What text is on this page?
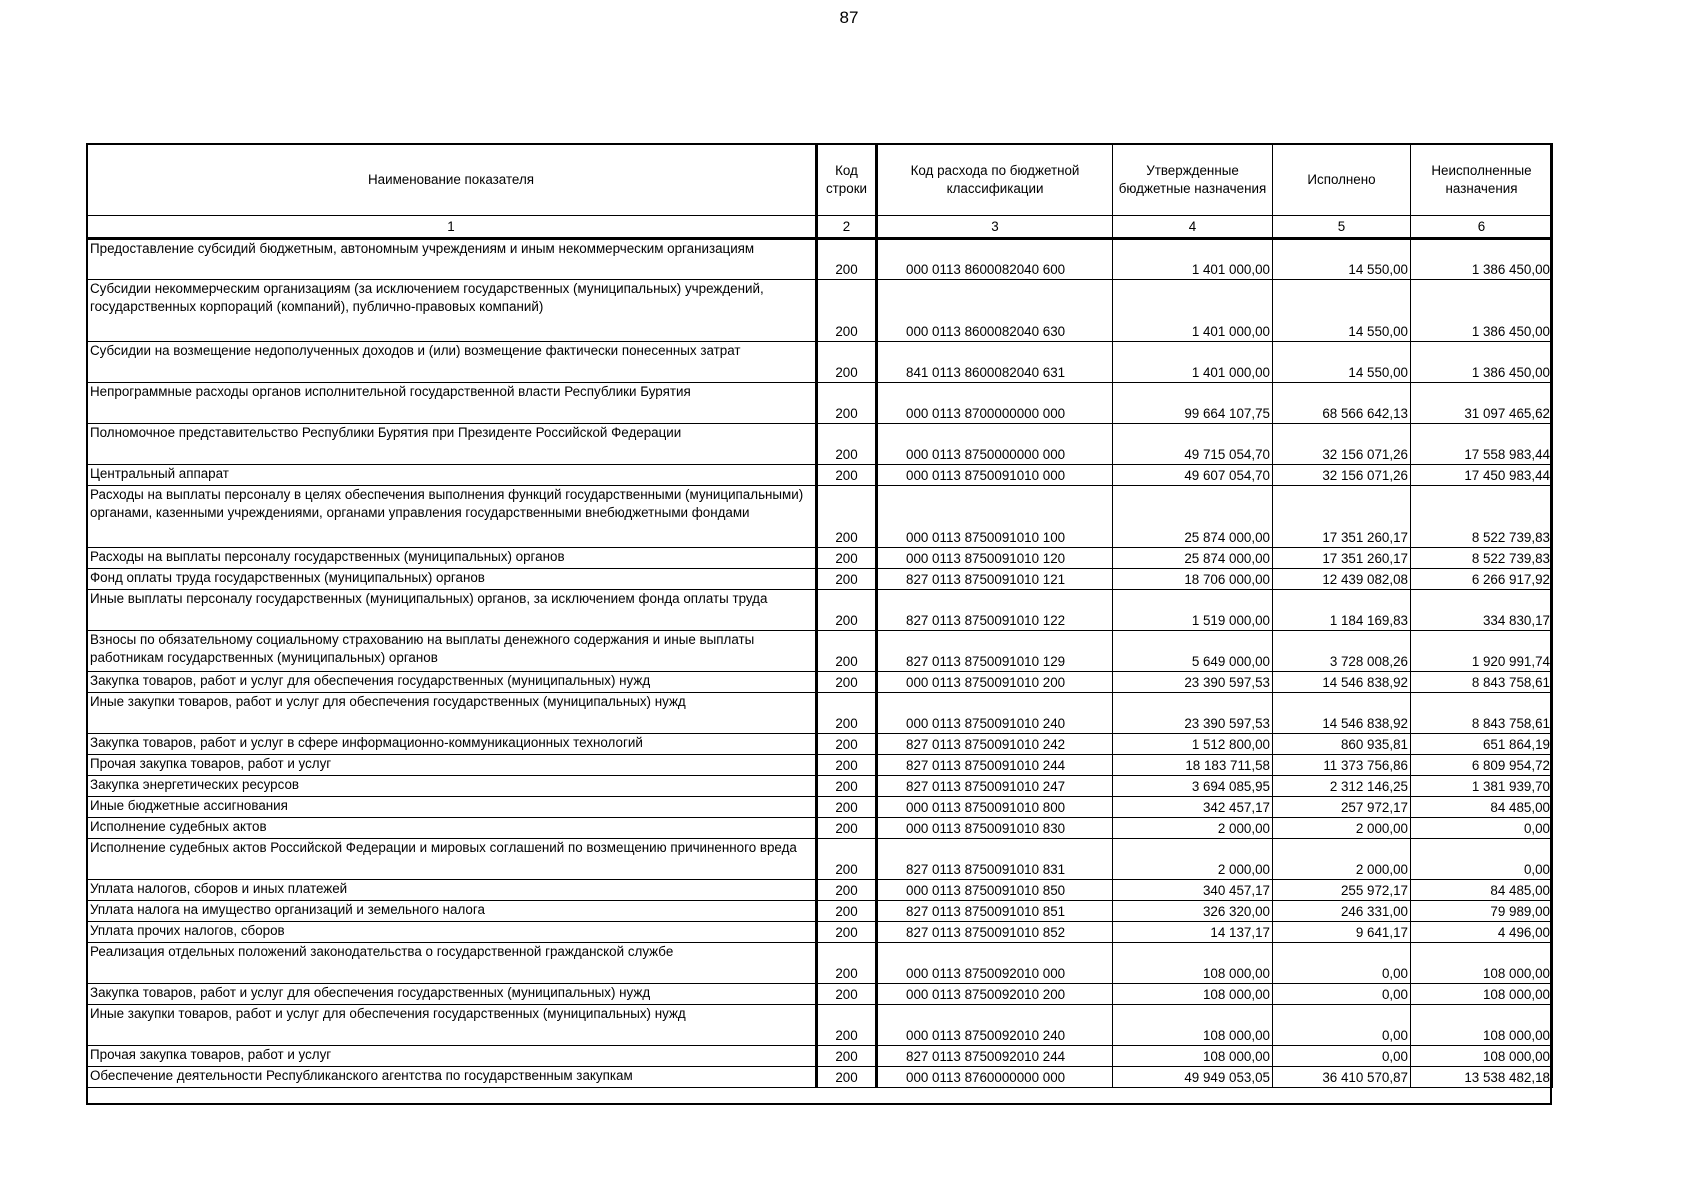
87
Наименование показателя	Код строки	Код расхода по бюджетной классификации	Утвержденные бюджетные назначения	Исполнено	Неисполненные назначения
1	2	3	4	5	6
Предоставление субсидий бюджетным, автономным учреждениям и иным некоммерческим организациям	200	000 0113 8600082040 600	1 401 000,00	14 550,00	1 386 450,00
Субсидии некоммерческим организациям (за исключением государственных (муниципальных) учреждений, государственных корпораций (компаний), публично-правовых компаний)	200	000 0113 8600082040 630	1 401 000,00	14 550,00	1 386 450,00
Субсидии на возмещение недополученных доходов и (или) возмещение фактически понесенных затрат	200	841 0113 8600082040 631	1 401 000,00	14 550,00	1 386 450,00
Непрограммные расходы органов исполнительной государственной власти Республики Бурятия	200	000 0113 8700000000 000	99 664 107,75	68 566 642,13	31 097 465,62
Полномочное представительство Республики Бурятия при Президенте Российской Федерации	200	000 0113 8750000000 000	49 715 054,70	32 156 071,26	17 558 983,44
Центральный аппарат	200	000 0113 8750091010 000	49 607 054,70	32 156 071,26	17 450 983,44
Расходы на выплаты персоналу в целях обеспечения выполнения функций государственными (муниципальными) органами, казенными учреждениями, органами управления государственными внебюджетными фондами	200	000 0113 8750091010 100	25 874 000,00	17 351 260,17	8 522 739,83
Расходы на выплаты персоналу государственных (муниципальных) органов	200	000 0113 8750091010 120	25 874 000,00	17 351 260,17	8 522 739,83
Фонд оплаты труда государственных (муниципальных) органов	200	827 0113 8750091010 121	18 706 000,00	12 439 082,08	6 266 917,92
Иные выплаты персоналу государственных (муниципальных) органов, за исключением фонда оплаты труда	200	827 0113 8750091010 122	1 519 000,00	1 184 169,83	334 830,17
Взносы по обязательному социальному страхованию на выплаты денежного содержания и иные выплаты работникам государственных (муниципальных) органов	200	827 0113 8750091010 129	5 649 000,00	3 728 008,26	1 920 991,74
Закупка товаров, работ и услуг для обеспечения государственных (муниципальных) нужд	200	000 0113 8750091010 200	23 390 597,53	14 546 838,92	8 843 758,61
Иные закупки товаров, работ и услуг для обеспечения государственных (муниципальных) нужд	200	000 0113 8750091010 240	23 390 597,53	14 546 838,92	8 843 758,61
Закупка товаров, работ и услуг в сфере информационно-коммуникационных технологий	200	827 0113 8750091010 242	1 512 800,00	860 935,81	651 864,19
Прочая закупка товаров, работ и услуг	200	827 0113 8750091010 244	18 183 711,58	11 373 756,86	6 809 954,72
Закупка энергетических ресурсов	200	827 0113 8750091010 247	3 694 085,95	2 312 146,25	1 381 939,70
Иные бюджетные ассигнования	200	000 0113 8750091010 800	342 457,17	257 972,17	84 485,00
Исполнение судебных актов	200	000 0113 8750091010 830	2 000,00	2 000,00	0,00
Исполнение судебных актов Российской Федерации и мировых соглашений по возмещению причиненного вреда	200	827 0113 8750091010 831	2 000,00	2 000,00	0,00
Уплата налогов, сборов и иных платежей	200	000 0113 8750091010 850	340 457,17	255 972,17	84 485,00
Уплата налога на имущество организаций и земельного налога	200	827 0113 8750091010 851	326 320,00	246 331,00	79 989,00
Уплата прочих налогов, сборов	200	827 0113 8750091010 852	14 137,17	9 641,17	4 496,00
Реализация отдельных положений законодательства о государственной гражданской службе	200	000 0113 8750092010 000	108 000,00	0,00	108 000,00
Закупка товаров, работ и услуг для обеспечения государственных (муниципальных) нужд	200	000 0113 8750092010 200	108 000,00	0,00	108 000,00
Иные закупки товаров, работ и услуг для обеспечения государственных (муниципальных) нужд	200	000 0113 8750092010 240	108 000,00	0,00	108 000,00
Прочая закупка товаров, работ и услуг	200	827 0113 8750092010 244	108 000,00	0,00	108 000,00
Обеспечение деятельности Республиканского агентства по государственным закупкам	200	000 0113 8760000000 000	49 949 053,05	36 410 570,87	13 538 482,18
